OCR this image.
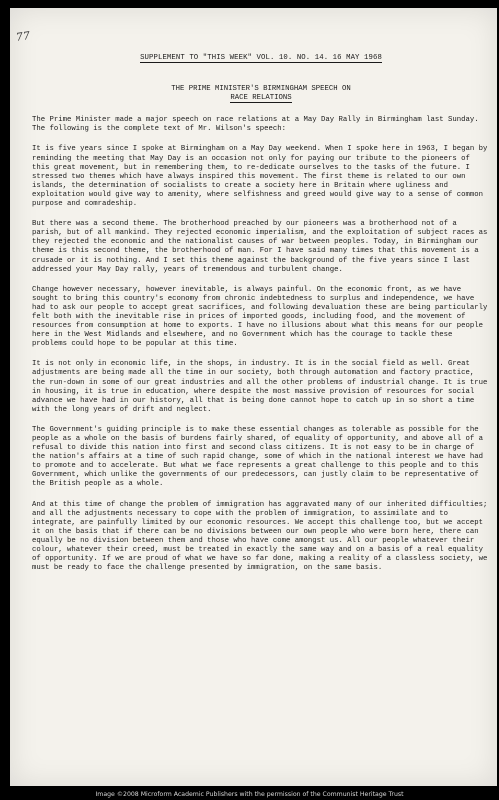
77
SUPPLEMENT TO "THIS WEEK" VOL. 10. NO. 14. 16 MAY 1968
THE PRIME MINISTER'S BIRMINGHAM SPEECH ON
RACE RELATIONS

The Prime Minister made a major speech on race relations at a May Day Rally in Birmingham last Sunday. The following is the complete text of Mr. Wilson's speech:

It is five years since I spoke at Birmingham on a May Day weekend. When I spoke here in 1963, I began by reminding the meeting that May Day is an occasion not only for paying our tribute to the pioneers of this great movement, but in remembering them, to re-dedicate ourselves to the tasks of the future. I stressed two themes which have always inspired this movement. The first theme is related to our own islands, the determination of socialists to create a society here in Britain where ugliness and exploitation would give way to amenity, where selfishness and greed would give way to a sense of common purpose and comradeship.

But there was a second theme. The brotherhood preached by our pioneers was a brotherhood not of a parish, but of all mankind. They rejected economic imperialism, and the exploitation of subject races as they rejected the economic and the nationalist causes of war between peoples. Today, in Birmingham our theme is this second theme, the brotherhood of man. For I have said many times that this movement is a crusade or it is nothing. And I set this theme against the background of the five years since I last addressed your May Day rally, years of tremendous and turbulent change.

Change however necessary, however inevitable, is always painful. On the economic front, as we have sought to bring this country's economy from chronic indebtedness to surplus and independence, we have had to ask our people to accept great sacrifices, and following devaluation these are being particularly felt both with the inevitable rise in prices of imported goods, including food, and the movement of resources from consumption at home to exports. I have no illusions about what this means for our people here in the West Midlands and elsewhere, and no Government which has the courage to tackle these problems could hope to be popular at this time.

It is not only in economic life, in the shops, in industry. It is in the social field as well. Great adjustments are being made all the time in our society, both through automation and factory practice, the run-down in some of our great industries and all the other problems of industrial change. It is true in housing, it is true in education, where despite the most massive provision of resources for social advance we have had in our history, all that is being done cannot hope to catch up in so short a time with the long years of drift and neglect.

The Government's guiding principle is to make these essential changes as tolerable as possible for the people as a whole on the basis of burdens fairly shared, of equality of opportunity, and above all of a refusal to divide this nation into first and second class citizens. It is not easy to be in charge of the nation's affairs at a time of such rapid change, some of which in the national interest we have had to promote and to accelerate. But what we face represents a great challenge to this people and to this Government, which unlike the governments of our predecessors, can justly claim to be representative of the British people as a whole.

And at this time of change the problem of immigration has aggravated many of our inherited difficulties; and all the adjustments necessary to cope with the problem of immigration, to assimilate and to integrate, are painfully limited by our economic resources. We accept this challenge too, but we accept it on the basis that if there can be no divisions between our own people who were born here, there can equally be no division between them and those who have come amongst us. All our people whatever their colour, whatever their creed, must be treated in exactly the same way and on a basis of a real equality of opportunity. If we are proud of what we have so far done, making a reality of a classless society, we must be ready to face the challenge presented by immigration, on the same basis.

Image ©2008 Microform Academic Publishers with the permission of the Communist Heritage Trust
